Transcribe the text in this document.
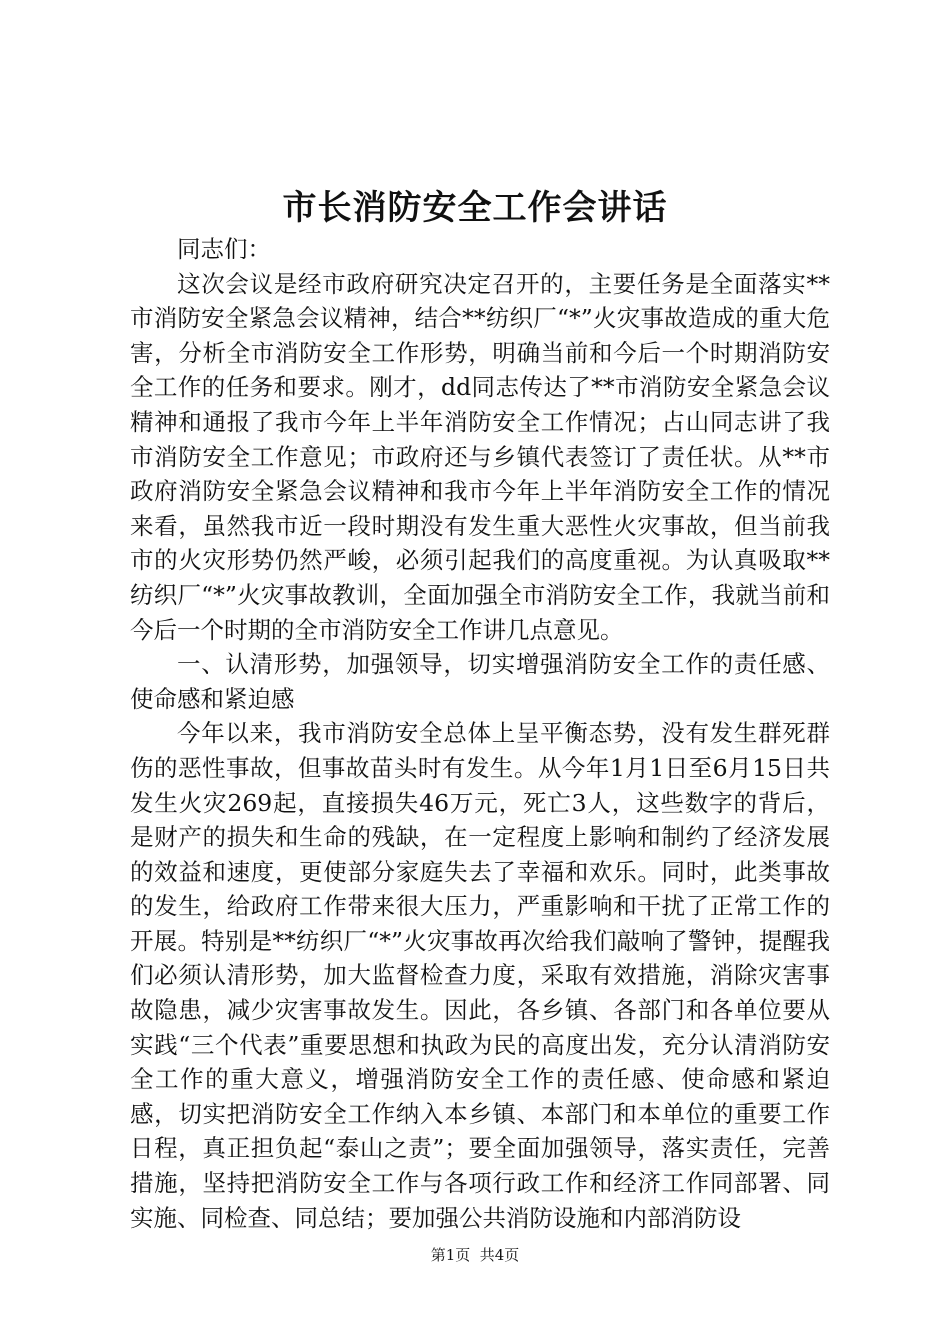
市长消防安全工作会讲话

同志们：

这次会议是经市政府研究决定召开的，主要任务是全面落实**市消防安全紧急会议精神，结合**纺织厂“*”火灾事故造成的重大危害，分析全市消防安全工作形势，明确当前和今后一个时期消防安全工作的任务和要求。刚才，dd同志传达了**市消防安全紧急会议精神和通报了我市今年上半年消防安全工作情况；占山同志讲了我市消防安全工作意见；市政府还与乡镇代表签订了责任状。从**市政府消防安全紧急会议精神和我市今年上半年消防安全工作的情况来看，虽然我市近一段时期没有发生重大恶性火灾事故，但当前我市的火灾形势仍然严峻，必须引起我们的高度重视。为认真吸取**纺织厂“*”火灾事故教训，全面加强全市消防安全工作，我就当前和今后一个时期的全市消防安全工作讲几点意见。

一、认清形势，加强领导，切实增强消防安全工作的责任感、使命感和紧迫感

今年以来，我市消防安全总体上呈平衡态势，没有发生群死群伤的恶性事故，但事故苗头时有发生。从今年1月1日至6月15日共发生火灾269起，直接损失46万元，死亡3人，这些数字的背后，是财产的损失和生命的残缺，在一定程度上影响和制约了经济发展的效益和速度，更使部分家庭失去了幸福和欢乐。同时，此类事故的发生，给政府工作带来很大压力，严重影响和干扰了正常工作的开展。特别是**纺织厂“*”火灾事故再次给我们敲响了警钟，提醒我们必须认清形势，加大监督检查力度，采取有效措施，消除灾害事故隐患，减少灾害事故发生。因此，各乡镇、各部门和各单位要从实践“三个代表”重要思想和执政为民的高度出发，充分认清消防安全工作的重大意义，增强消防安全工作的责任感、使命感和紧迫感，切实把消防安全工作纳入本乡镇、本部门和本单位的重要工作日程，真正担负起“泰山之责”；要全面加强领导，落实责任，完善措施，坚持把消防安全工作与各项行政工作和经济工作同部署、同实施、同检查、同总结；要加强公共消防设施和内部消防设

第1页  共4页
